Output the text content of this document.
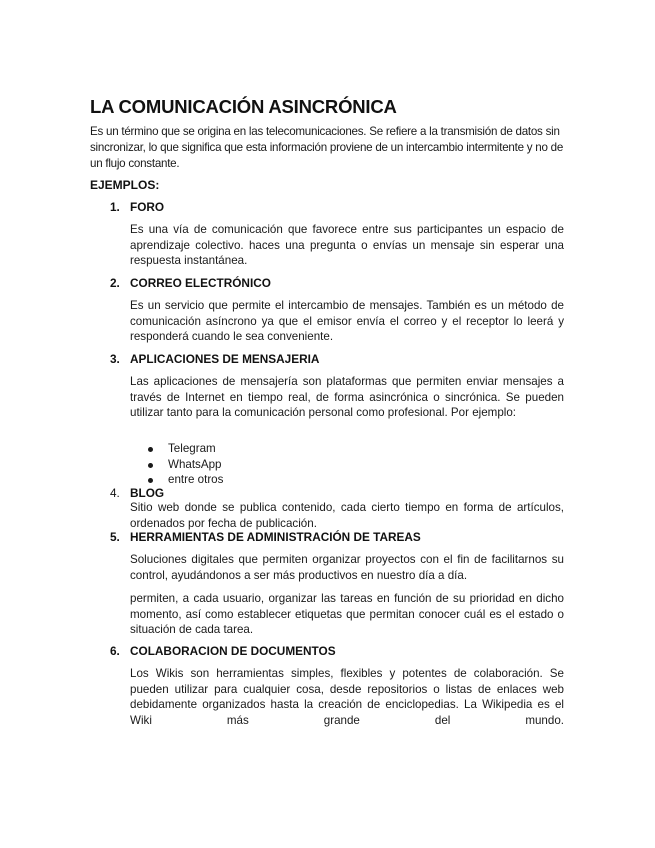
LA COMUNICACIÓN ASINCRÓNICA
Es un término que se origina en las telecomunicaciones. Se refiere a la transmisión de datos sin sincronizar, lo que significa que esta información proviene de un intercambio intermitente y no de un flujo constante.
EJEMPLOS:
1. FORO
Es una vía de comunicación que favorece entre sus participantes un espacio de aprendizaje colectivo. haces una pregunta o envías un mensaje sin esperar una respuesta instantánea.
2. CORREO ELECTRÓNICO
Es un servicio que permite el intercambio de mensajes. También es un método de comunicación asíncrono ya que el emisor envía el correo y el receptor lo leerá y responderá cuando le sea conveniente.
3. APLICACIONES DE MENSAJERIA
Las aplicaciones de mensajería son plataformas que permiten enviar mensajes a través de Internet en tiempo real, de forma asincrónica o sincrónica. Se pueden utilizar tanto para la comunicación personal como profesional. Por ejemplo:
Telegram
WhatsApp
entre otros
4. BLOG
Sitio web donde se publica contenido, cada cierto tiempo en forma de artículos, ordenados por fecha de publicación.
5. HERRAMIENTAS DE ADMINISTRACIÓN DE TAREAS
Soluciones digitales que permiten organizar proyectos con el fin de facilitarnos su control, ayudándonos a ser más productivos en nuestro día a día.
permiten, a cada usuario, organizar las tareas en función de su prioridad en dicho momento, así como establecer etiquetas que permitan conocer cuál es el estado o situación de cada tarea.
6. COLABORACION DE DOCUMENTOS
Los Wikis son herramientas simples, flexibles y potentes de colaboración. Se pueden utilizar para cualquier cosa, desde repositorios o listas de enlaces web debidamente organizados hasta la creación de enciclopedias. La Wikipedia es el Wiki más grande del mundo.
